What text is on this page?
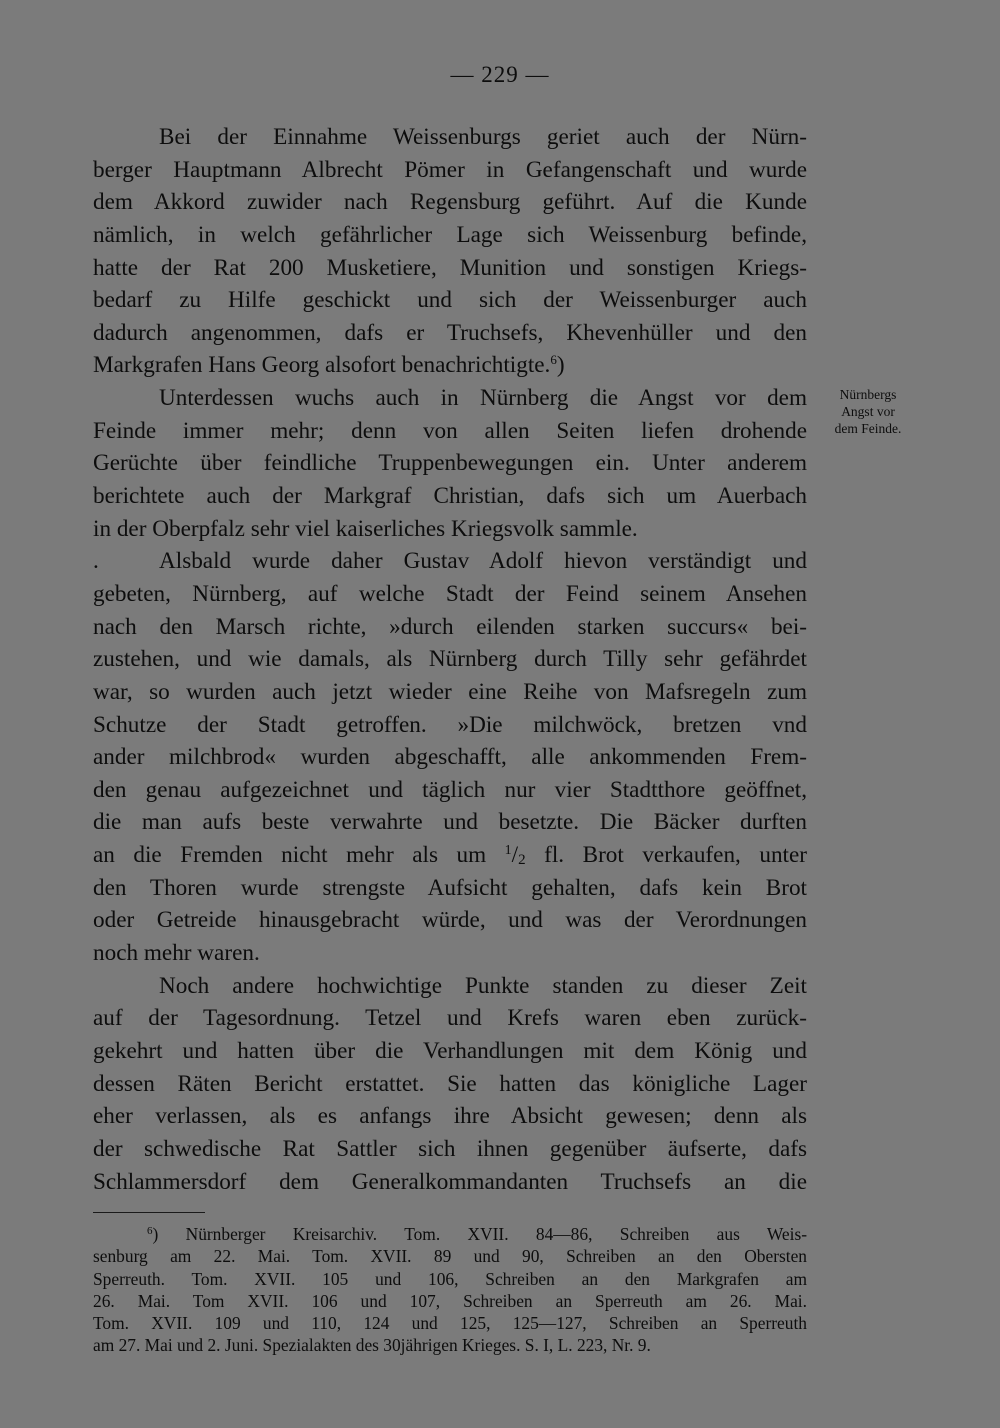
— 229 —
Bei der Einnahme Weissenburgs geriet auch der Nürn-
berger Hauptmann Albrecht Pömer in Gefangenschaft und wurde
dem Akkord zuwider nach Regensburg geführt. Auf die Kunde
nämlich, in welch gefährlicher Lage sich Weissenburg befinde,
hatte der Rat 200 Musketiere, Munition und sonstigen Kriegs-
bedarf zu Hilfe geschickt und sich der Weissenburger auch
dadurch angenommen, dafs er Truchsefs, Khevenhüller und den
Markgrafen Hans Georg alsofort benachrichtigte.$^6$)
Unterdessen wuchs auch in Nürnberg die Angst vor dem
Feinde immer mehr; denn von allen Seiten liefen drohende
Gerüchte über feindliche Truppenbewegungen ein. Unter anderem
berichtete auch der Markgraf Christian, dafs sich um Auerbach
in der Oberpfalz sehr viel kaiserliches Kriegsvolk sammle.
.	Alsbald wurde daher Gustav Adolf hievon verständigt und
gebeten, Nürnberg, auf welche Stadt der Feind seinem Ansehen
nach den Marsch richte, »durch eilenden starken succurs« bei-
zustehen, und wie damals, als Nürnberg durch Tilly sehr gefährdet
war, so wurden auch jetzt wieder eine Reihe von Mafsregeln zum
Schutze der Stadt getroffen. »Die milchwöck, bretzen vnd
ander milchbrod« wurden abgeschafft, alle ankommenden Frem-
den genau aufgezeichnet und täglich nur vier Stadtthore geöffnet,
die man aufs beste verwahrte und besetzte. Die Bäcker durften
an die Fremden nicht mehr als um $^1$/2 fl. Brot verkaufen, unter
den Thoren wurde strengste Aufsicht gehalten, dafs kein Brot
oder Getreide hinausgebracht würde, und was der Verordnungen
noch mehr waren.
Noch andere hochwichtige Punkte standen zu dieser Zeit
auf der Tagesordnung. Tetzel und Krefs waren eben zurück-
gekehrt und hatten über die Verhandlungen mit dem König und
dessen Räten Bericht erstattet. Sie hatten das königliche Lager
eher verlassen, als es anfangs ihre Absicht gewesen; denn als
der schwedische Rat Sattler sich ihnen gegenüber äufserte, dafs
Schlammersdorf dem Generalkommandanten Truchsefs an die
Nürnbergs
Angst vor
dem Feinde.
$^6$) Nürnberger Kreisarchiv. Tom. XVII. 84—86, Schreiben aus Weis-
senburg am 22. Mai. Tom. XVII. 89 und 90, Schreiben an den Obersten
Sperreuth. Tom. XVII. 105 und 106, Schreiben an den Markgrafen am
26. Mai. Tom XVII. 106 und 107, Schreiben an Sperreuth am 26. Mai.
Tom. XVII. 109 und 110, 124 und 125, 125—127, Schreiben an Sperreuth
am 27. Mai und 2. Juni. Spezialakten des 30jährigen Krieges. S. I, L. 223, Nr. 9.
